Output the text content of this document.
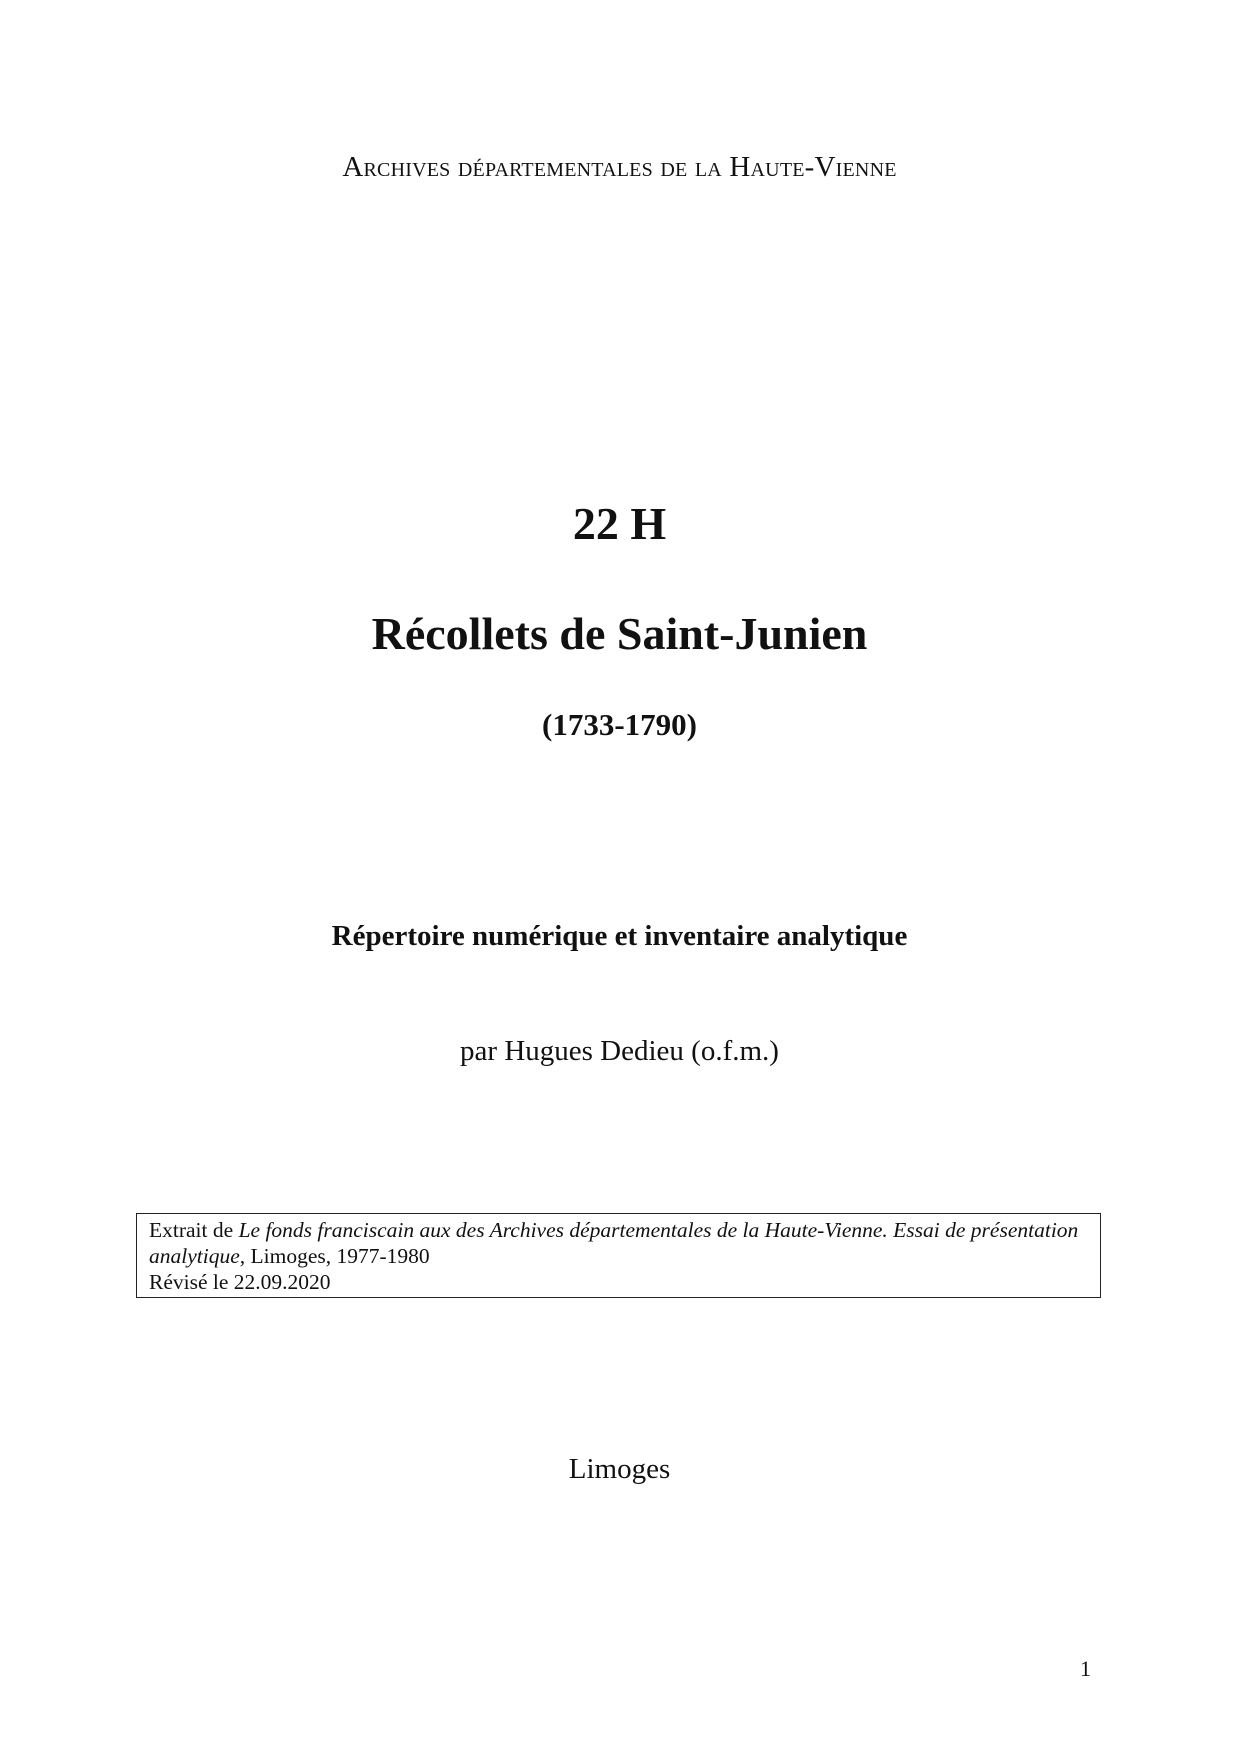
Archives départementales de la Haute-Vienne
22 H
Récollets de Saint-Junien
(1733-1790)
Répertoire numérique et inventaire analytique
par Hugues Dedieu (o.f.m.)

Extrait de Le fonds franciscain aux des Archives départementales de la Haute-Vienne. Essai de présentation

analytique, Limoges, 1977-1980

Révisé le 22.09.2020

Limoges
1
